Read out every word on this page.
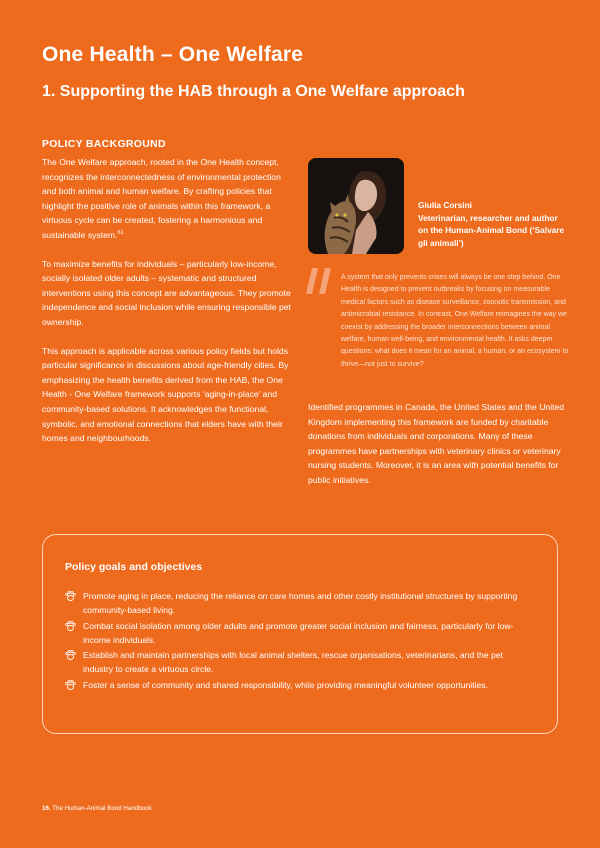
One Health – One Welfare
1. Supporting the HAB through a One Welfare approach
POLICY BACKGROUND

The One Welfare approach, rooted in the One Health concept, recognizes the interconnectedness of environmental protection and both animal and human welfare. By crafting policies that highlight the positive role of animals within this framework, a virtuous cycle can be created, fostering a harmonious and sustainable system.$^{61}$

To maximize benefits for individuals – particularly low-income, socially isolated older adults – systematic and structured interventions using this concept are advantageous. They promote independence and social inclusion while ensuring responsible pet ownership.

This approach is applicable across various policy fields but holds particular significance in discussions about age-friendly cities. By emphasizing the health benefits derived from the HAB, the One Health - One Welfare framework supports ‘aging-in-place’ and community-based solutions. It acknowledges the functional, symbolic, and emotional connections that elders have with their homes and neighbourhoods.

Giulia Corsini
Veterinarian, researcher and author on the Human-Animal Bond (‘Salvare gli animali’)

A system that only prevents crises will always be one step behind. One Health is designed to prevent outbreaks by focusing on measurable medical factors such as disease surveillance, zoonotic transmission, and antimicrobial resistance. In contrast, One Welfare reimagines the way we coexist by addressing the broader interconnections between animal welfare, human well-being, and environmental health. It asks deeper questions: what does it mean for an animal, a human, or an ecosystem to thrive—not just to survive?

Identified programmes in Canada, the United States and the United Kingdom implementing this framework are funded by charitable donations from individuals and corporations. Many of these programmes have partnerships with veterinary clinics or veterinary nursing students. Moreover, it is an area with potential benefits for public initiatives.

Policy goals and objectives
Promote aging in place, reducing the reliance on care homes and other costly institutional structures by supporting community-based living.
Combat social isolation among older adults and promote greater social inclusion and fairness, particularly for low-income individuals.
Establish and maintain partnerships with local animal shelters, rescue organisations, veterinarians, and the pet industry to create a virtuous circle.
Foster a sense of community and shared responsibility, while providing meaningful volunteer opportunities.
16. The Human-Animal Bond Handbook
